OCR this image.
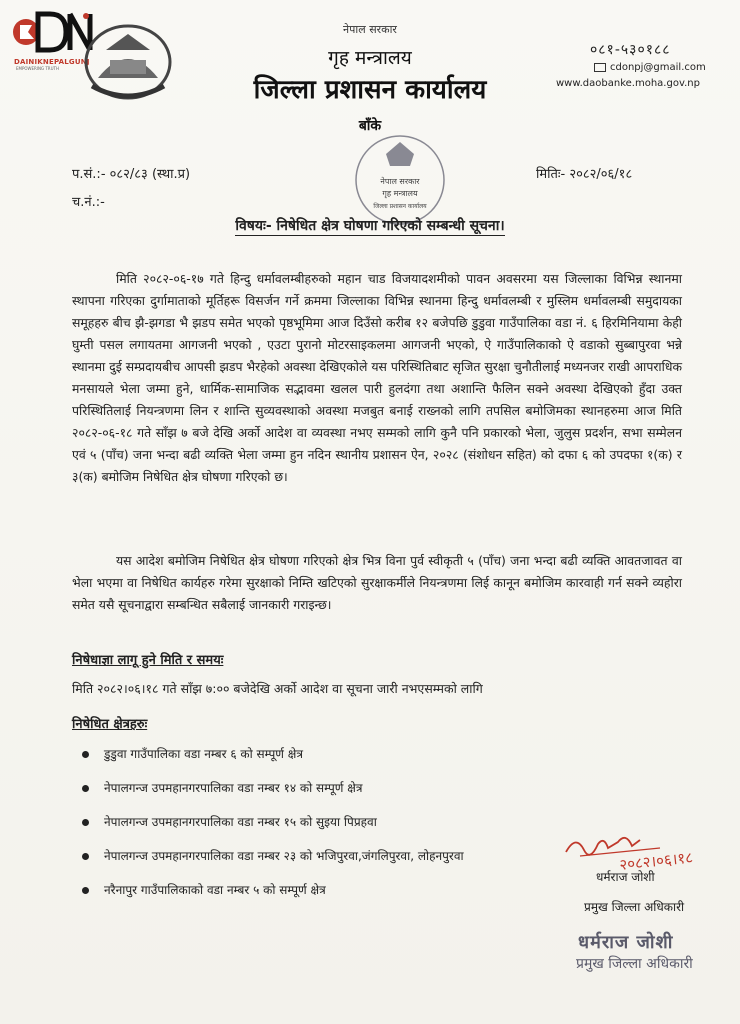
DAINIKNEPALGUNJ
EMPOWERING TRUTH
नेपाल सरकार
गृह मन्त्रालय
जिल्ला प्रशासन कार्यालय
बाँके
०८१-५३०१८८
cdonpj@gmail.com
www.daobanke.moha.gov.np
नेपाल सरकार
गृह मन्त्रालय
जिल्ला प्रशासन कार्यालय
प.सं.:- ०८२/८३ (स्था.प्र)
च.नं.:-
मितिः- २०८२/०६/१८
विषयः- निषेधित क्षेत्र घोषणा गरिएको सम्बन्धी सूचना।
मिति २०८२-०६-१७ गते हिन्दु धर्मावलम्बीहरुको महान चाड विजयादशमीको पावन अवसरमा यस जिल्लाका विभिन्न स्थानमा स्थापना गरिएका दुर्गामाताको मूर्तिहरू विसर्जन गर्ने क्रममा जिल्लाका विभिन्न स्थानमा हिन्दु धर्मावलम्बी र मुस्लिम धर्मावलम्बी समुदायका समूहहरु बीच झै-झगडा भै झडप समेत भएको पृष्ठभूमिमा आज दिउँसो करीब १२ बजेपछि डुडुवा गाउँपालिका वडा नं. ६ हिरमिनियामा केही घुम्ती पसल लगायतमा आगजनी भएको , एउटा पुरानो मोटरसाइकलमा आगजनी भएको, ऐ गाउँपालिकाको ऐ वडाको सुब्बापुरवा भन्ने स्थानमा दुई सम्प्रदायबीच आपसी झडप भैरहेको अवस्था देखिएकोले यस परिस्थितिबाट सृजित सुरक्षा चुनौतीलाई मध्यनजर राखी आपराधिक मनसायले भेला जम्मा हुने, धार्मिक-सामाजिक सद्भावमा खलल पारी हुलदंगा तथा अशान्ति फैलिन सक्ने अवस्था देखिएको हुँदा उक्त परिस्थितिलाई नियन्त्रणमा लिन र शान्ति सुव्यवस्थाको अवस्था मजबुत बनाई राख्नको लागि तपसिल बमोजिमका स्थानहरुमा आज मिति २०८२-०६-१८ गते साँझ ७ बजे देखि अर्को आदेश वा व्यवस्था नभए सम्मको लागि कुनै पनि प्रकारको भेला, जुलुस प्रदर्शन, सभा सम्मेलन एवं ५ (पाँच) जना भन्दा बढी व्यक्ति भेला जम्मा हुन नदिन स्थानीय प्रशासन ऐन, २०२८ (संशोधन सहित) को दफा ६ को उपदफा १(क) र ३(क) बमोजिम निषेधित क्षेत्र घोषणा गरिएको छ।
यस आदेश बमोजिम निषेधित क्षेत्र घोषणा गरिएको क्षेत्र भित्र विना पुर्व स्वीकृती ५ (पाँच) जना भन्दा बढी व्यक्ति आवतजावत वा भेला भएमा वा निषेधित कार्यहरु गरेमा सुरक्षाको निम्ति खटिएको सुरक्षाकर्मीले नियन्त्रणमा लिई कानून बमोजिम कारवाही गर्न सक्ने व्यहोरा समेत यसै सूचनाद्वारा सम्बन्धित सबैलाई जानकारी गराइन्छ।
निषेधाज्ञा लागू हुने मिति र समयः
मिति २०८२।०६।१८ गते साँझ ७:०० बजेदेखि अर्को आदेश वा सूचना जारी नभएसम्मको लागि
निषेधित क्षेत्रहरुः
डुडुवा गाउँपालिका वडा नम्बर ६ को सम्पूर्ण क्षेत्र
नेपालगन्ज उपमहानगरपालिका वडा नम्बर १४ को सम्पूर्ण क्षेत्र
नेपालगन्ज उपमहानगरपालिका वडा नम्बर १५ को सुइया पिप्रहवा
नेपालगन्ज उपमहानगरपालिका वडा नम्बर २३ को भजिपुरवा,जंगलिपुरवा, लोहनपुरवा
नरैनापुर गाउँपालिकाको वडा नम्बर ५ को सम्पूर्ण क्षेत्र
२०८२।०६।१८
धर्मराज जोशी
प्रमुख जिल्ला अधिकारी
धर्मराज जोशी
प्रमुख जिल्ला अधिकारी
